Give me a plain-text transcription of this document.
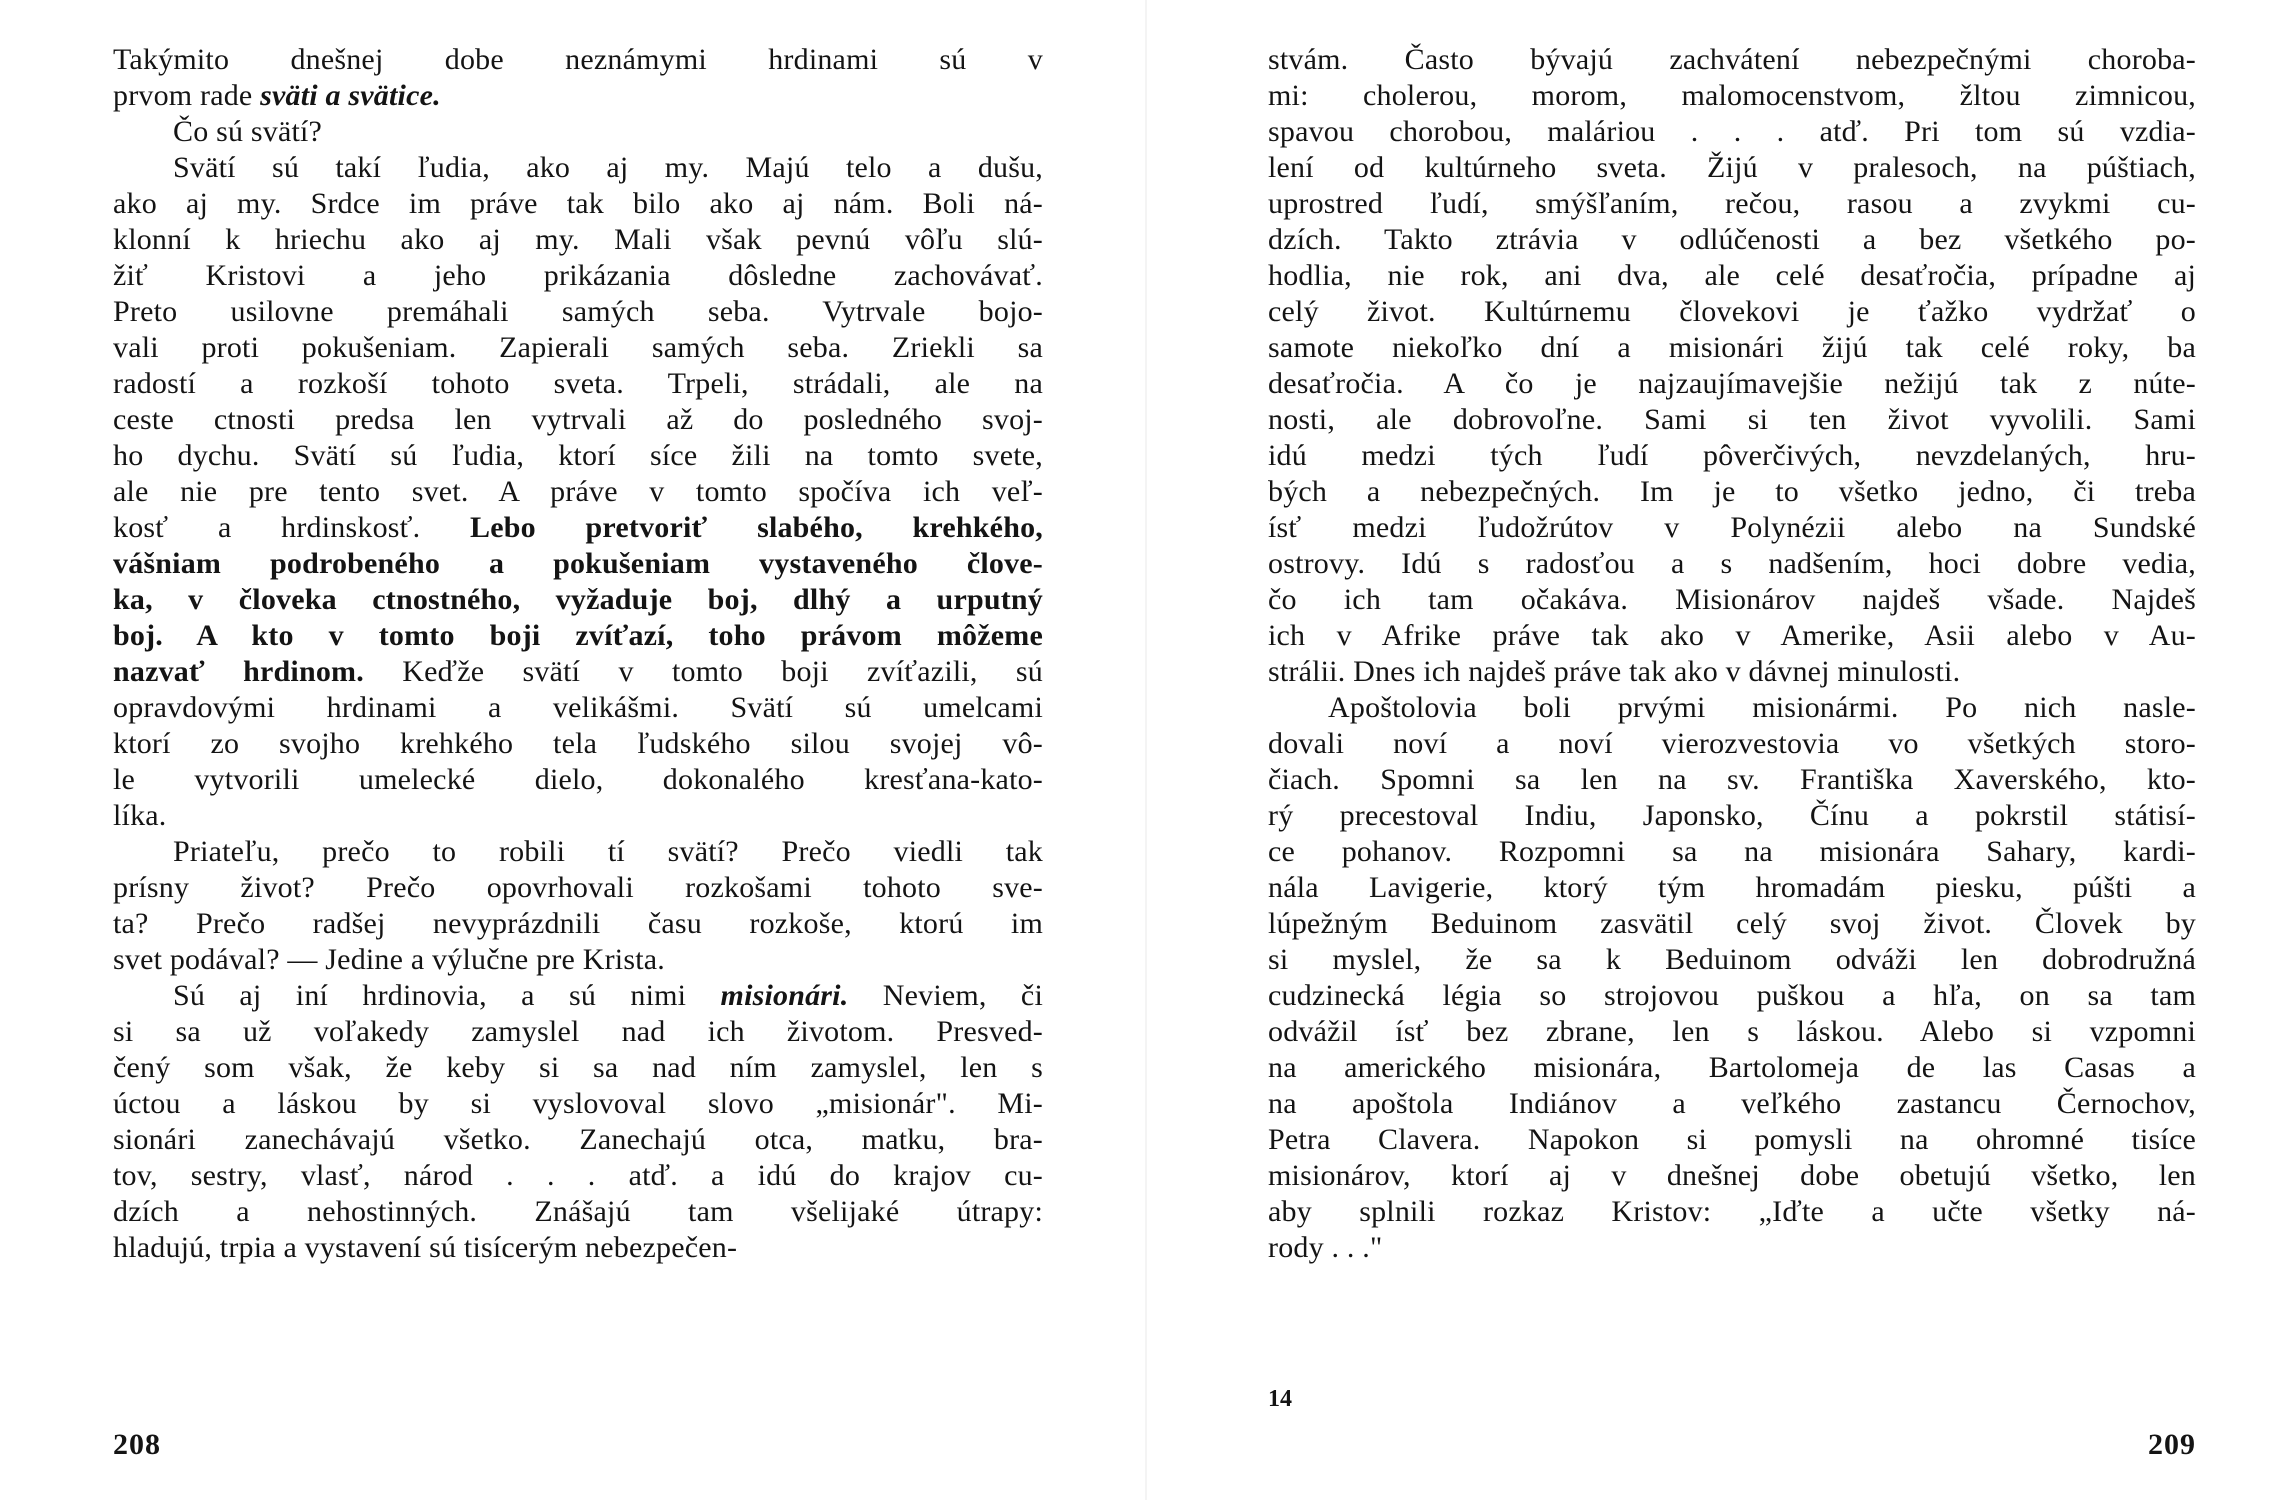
Takýmito dnešnej dobe neznámymi hrdinami sú v
prvom rade sväti a svätice.
Čo sú svätí?
Svätí sú takí ľudia, ako aj my. Majú telo a dušu,
ako aj my. Srdce im práve tak bilo ako aj nám. Boli ná-
klonní k hriechu ako aj my. Mali však pevnú vôľu slú-
žiť Kristovi a jeho prikázania dôsledne zachovávať.
Preto usilovne premáhali samých seba. Vytrvale bojo-
vali proti pokušeniam. Zapierali samých seba. Zriekli sa
radostí a rozkoší tohoto sveta. Trpeli, strádali, ale na
ceste ctnosti predsa len vytrvali až do posledného svoj-
ho dychu. Svätí sú ľudia, ktorí síce žili na tomto svete,
ale nie pre tento svet. A práve v tomto spočíva ich veľ-
kosť a hrdinskosť. Lebo pretvoriť slabého, krehkého,
vášniam podrobeného a pokušeniam vystaveného člove-
ka, v človeka ctnostného, vyžaduje boj, dlhý a urputný
boj. A kto v tomto boji zvíťazí, toho právom môžeme
nazvať hrdinom. Keďže svätí v tomto boji zvíťazili, sú
opravdovými hrdinami a velikášmi. Svätí sú umelcami
ktorí zo svojho krehkého tela ľudského silou svojej vô-
le vytvorili umelecké dielo, dokonalého kresťana-kato-
líka.
Priateľu, prečo to robili tí svätí? Prečo viedli tak
prísny život? Prečo opovrhovali rozkošami tohoto sve-
ta? Prečo radšej nevyprázdnili času rozkoše, ktorú im
svet podával? — Jedine a výlučne pre Krista.
Sú aj iní hrdinovia, a sú nimi misionári. Neviem, či
si sa už voľakedy zamyslel nad ich životom. Presved-
čený som však, že keby si sa nad ním zamyslel, len s
úctou a láskou by si vyslovoval slovo „misionár". Mi-
sionári zanechávajú všetko. Zanechajú otca, matku, bra-
tov, sestry, vlasť, národ . . . atď. a idú do krajov cu-
dzích a nehostinných. Znášajú tam všelijaké útrapy:
hladujú, trpia a vystavení sú tisícerým nebezpečen-
208
stvám. Často bývajú zachvátení nebezpečnými choroba-
mi: cholerou, morom, malomocenstvom, žltou zimnicou,
spavou chorobou, maláriou . . . atď. Pri tom sú vzdia-
lení od kultúrneho sveta. Žijú v pralesoch, na púštiach,
uprostred ľudí, smýšľaním, rečou, rasou a zvykmi cu-
dzích. Takto ztrávia v odlúčenosti a bez všetkého po-
hodlia, nie rok, ani dva, ale celé desaťročia, prípadne aj
celý život. Kultúrnemu človekovi je ťažko vydržať o
samote niekoľko dní a misionári žijú tak celé roky, ba
desaťročia. A čo je najzaujímavejšie nežijú tak z núte-
nosti, ale dobrovoľne. Sami si ten život vyvolili. Sami
idú medzi tých ľudí pôverčivých, nevzdelaných, hru-
bých a nebezpečných. Im je to všetko jedno, či treba
ísť medzi ľudožrútov v Polynézii alebo na Sundské
ostrovy. Idú s radosťou a s nadšením, hoci dobre vedia,
čo ich tam očakáva. Misionárov najdeš všade. Najdeš
ich v Afrike práve tak ako v Amerike, Asii alebo v Au-
strálii. Dnes ich najdeš práve tak ako v dávnej minulosti.
Apoštolovia boli prvými misionármi. Po nich nasle-
dovali noví a noví vierozvestovia vo všetkých storo-
čiach. Spomni sa len na sv. Františka Xaverského, kto-
rý precestoval Indiu, Japonsko, Čínu a pokrstil státisí-
ce pohanov. Rozpomni sa na misionára Sahary, kardi-
nála Lavigerie, ktorý tým hromadám piesku, púšti a
lúpežným Beduinom zasvätil celý svoj život. Človek by
si myslel, že sa k Beduinom odváži len dobrodružná
cudzinecká légia so strojovou puškou a hľa, on sa tam
odvážil ísť bez zbrane, len s láskou. Alebo si vzpomni
na amerického misionára, Bartolomeja de las Casas a
na apoštola Indiánov a veľkého zastancu Černochov,
Petra Clavera. Napokon si pomysli na ohromné tisíce
misionárov, ktorí aj v dnešnej dobe obetujú všetko, len
aby splnili rozkaz Kristov: „Iďte a učte všetky ná-
rody . . ."
14
209
